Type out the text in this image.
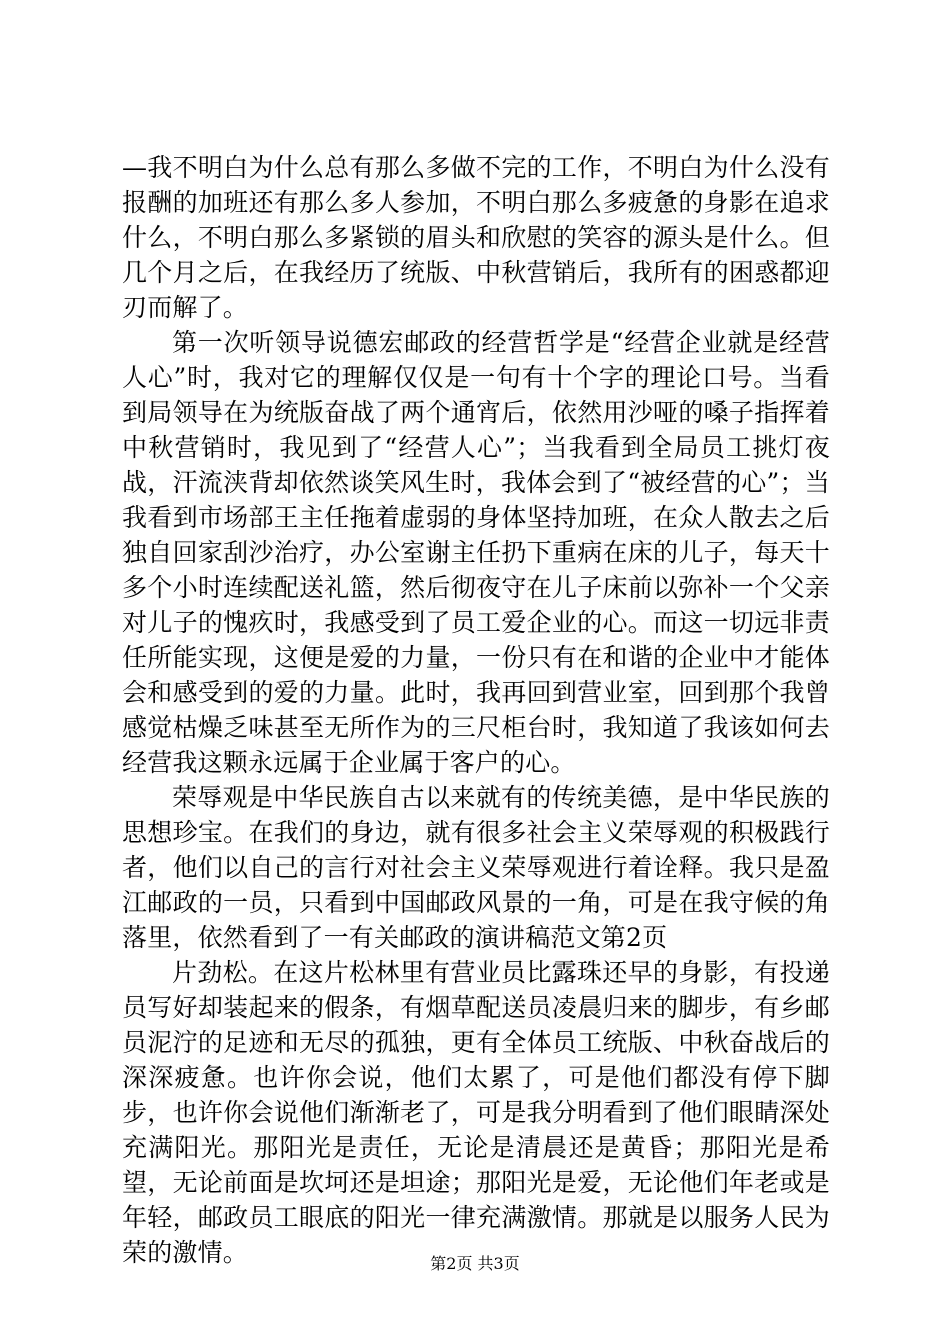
—我不明白为什么总有那么多做不完的工作，不明白为什么没有报酬的加班还有那么多人参加，不明白那么多疲惫的身影在追求什么，不明白那么多紧锁的眉头和欣慰的笑容的源头是什么。但几个月之后，在我经历了统版、中秋营销后，我所有的困惑都迎刃而解了。

第一次听领导说德宏邮政的经营哲学是“经营企业就是经营人心”时，我对它的理解仅仅是一句有十个字的理论口号。当看到局领导在为统版奋战了两个通宵后，依然用沙哑的嗓子指挥着中秋营销时，我见到了“经营人心”；当我看到全局员工挑灯夜战，汗流浃背却依然谈笑风生时，我体会到了“被经营的心”；当我看到市场部王主任拖着虚弱的身体坚持加班，在众人散去之后独自回家刮沙治疗，办公室谢主任扔下重病在床的儿子，每天十多个小时连续配送礼篮，然后彻夜守在儿子床前以弥补一个父亲对儿子的愧疚时，我感受到了员工爱企业的心。而这一切远非责任所能实现，这便是爱的力量，一份只有在和谐的企业中才能体会和感受到的爱的力量。此时，我再回到营业室，回到那个我曾感觉枯燥乏味甚至无所作为的三尺柜台时，我知道了我该如何去经营我这颗永远属于企业属于客户的心。

荣辱观是中华民族自古以来就有的传统美德，是中华民族的思想珍宝。在我们的身边，就有很多社会主义荣辱观的积极践行者，他们以自己的言行对社会主义荣辱观进行着诠释。我只是盈江邮政的一员，只看到中国邮政风景的一角，可是在我守候的角落里，依然看到了一有关邮政的演讲稿范文第2页

片劲松。在这片松林里有营业员比露珠还早的身影，有投递员写好却装起来的假条，有烟草配送员凌晨归来的脚步，有乡邮员泥泞的足迹和无尽的孤独，更有全体员工统版、中秋奋战后的深深疲惫。也许你会说，他们太累了，可是他们都没有停下脚步，也许你会说他们渐渐老了，可是我分明看到了他们眼睛深处充满阳光。那阳光是责任，无论是清晨还是黄昏；那阳光是希望，无论前面是坎坷还是坦途；那阳光是爱，无论他们年老或是年轻，邮政员工眼底的阳光一律充满激情。那就是以服务人民为荣的激情。	第2页 共3页
